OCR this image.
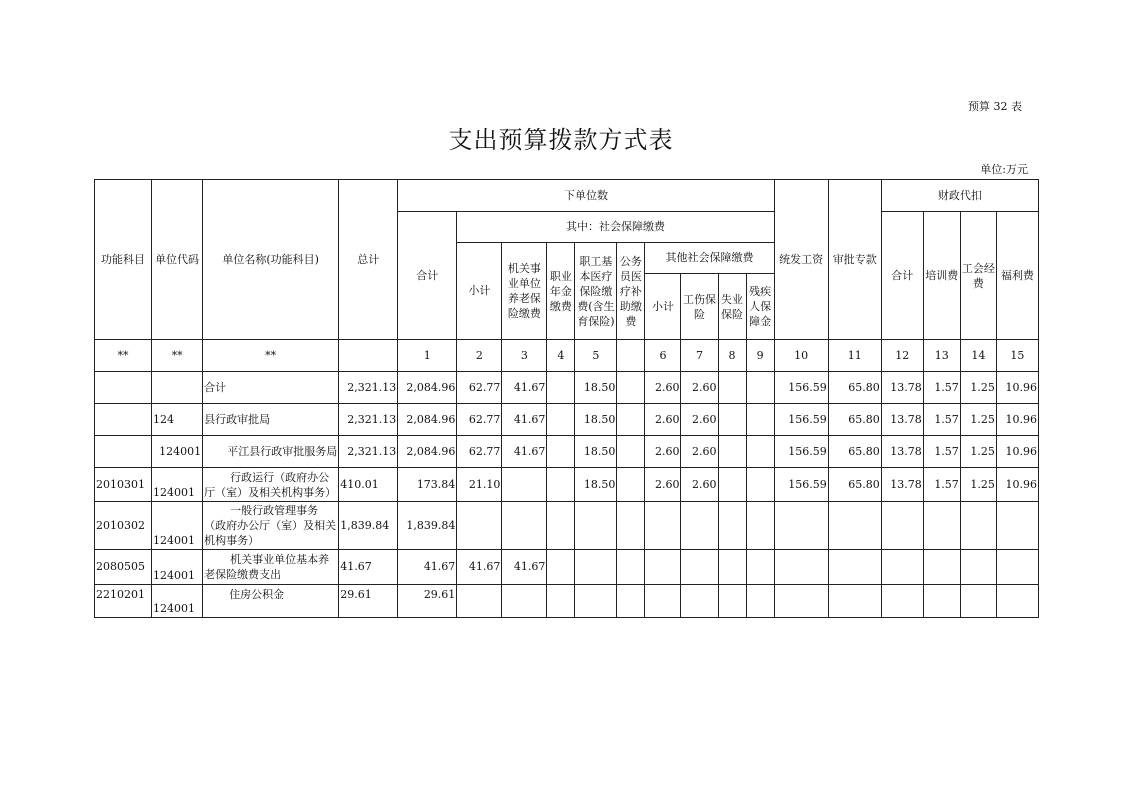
预算 32 表
支出预算拨款方式表
单位:万元
功能科目	单位代码	单位名称(功能科目)	总计	下单位数										统发工资	审批专款	财政代扣			
				合计	其中：社会保障缴费											合计	培训费	工会经费	福利费
					小计	机关事业单位养老保险缴费	职业年金缴费	职工基本医疗保险缴费(含生育保险)	公务员医疗补助缴费	其他社会保障缴费									
										小计	工伤保险	失业保险	残疾人保障金						
**	**	**		1	2	3	4	5		6	7	8	9	10	11	12	13	14	15
		合计	2,321.13	2,084.96	62.77	41.67		18.50		2.60	2.60			156.59	65.80	13.78	1.57	1.25	10.96
	124	县行政审批局	2,321.13	2,084.96	62.77	41.67		18.50		2.60	2.60			156.59	65.80	13.78	1.57	1.25	10.96
	124001	平江县行政审批服务局	2,321.13	2,084.96	62.77	41.67		18.50		2.60	2.60			156.59	65.80	13.78	1.57	1.25	10.96
2010301	124001	行政运行（政府办公厅（室）及相关机构事务）	410.01	173.84	21.10			18.50		2.60	2.60			156.59	65.80	13.78	1.57	1.25	10.96
2010302	124001	一般行政管理事务（政府办公厅（室）及相关机构事务）	1,839.84	1,839.84															
2080505	124001	机关事业单位基本养老保险缴费支出	41.67	41.67	41.67	41.67													
2210201	124001	住房公积金	29.61	29.61															
